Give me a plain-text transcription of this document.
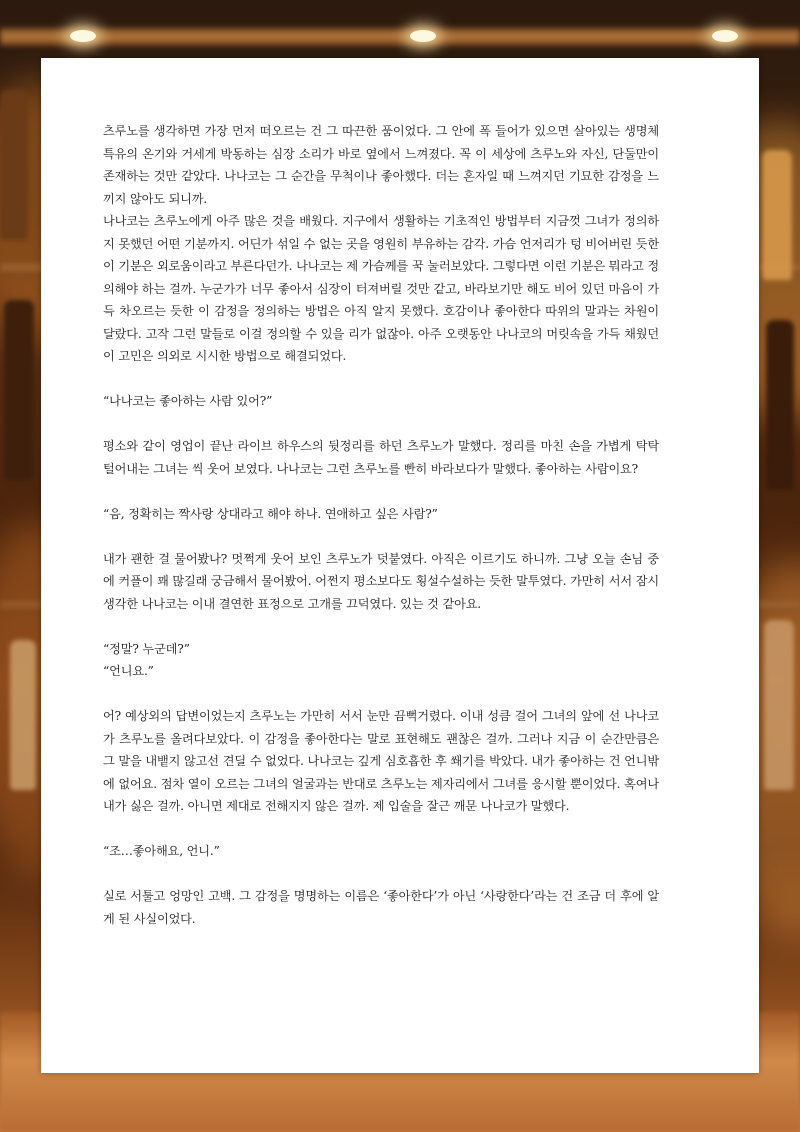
츠루노를 생각하면 가장 먼저 떠오르는 건 그 따끈한 품이었다. 그 안에 폭 들어가 있으면 살아있는 생명체 특유의 온기와 거세게 박동하는 심장 소리가 바로 옆에서 느껴졌다. 꼭 이 세상에 츠루노와 자신, 단둘만이 존재하는 것만 같았다. 나나코는 그 순간을 무척이나 좋아했다. 더는 혼자일 때 느껴지던 기묘한 감정을 느끼지 않아도 되니까.

나나코는 츠루노에게 아주 많은 것을 배웠다. 지구에서 생활하는 기초적인 방법부터 지금껏 그녀가 정의하지 못했던 어떤 기분까지. 어딘가 섞일 수 없는 곳을 영원히 부유하는 감각. 가슴 언저리가 텅 비어버린 듯한 이 기분은 외로움이라고 부른다던가. 나나코는 제 가슴께를 꾹 눌러보았다. 그렇다면 이런 기분은 뭐라고 정의해야 하는 걸까. 누군가가 너무 좋아서 심장이 터져버릴 것만 같고, 바라보기만 해도 비어 있던 마음이 가득 차오르는 듯한 이 감정을 정의하는 방법은 아직 알지 못했다. 호감이나 좋아한다 따위의 말과는 차원이 달랐다. 고작 그런 말들로 이걸 정의할 수 있을 리가 없잖아. 아주 오랫동안 나나코의 머릿속을 가득 채웠던 이 고민은 의외로 시시한 방법으로 해결되었다.

“나나코는 좋아하는 사람 있어?”

평소와 같이 영업이 끝난 라이브 하우스의 뒷정리를 하던 츠루노가 말했다. 정리를 마친 손을 가볍게 탁탁 털어내는 그녀는 씩 웃어 보였다. 나나코는 그런 츠루노를 빤히 바라보다가 말했다. 좋아하는 사람이요?

“음, 정확히는 짝사랑 상대라고 해야 하나. 연애하고 싶은 사람?”

내가 괜한 걸 물어봤나? 멋쩍게 웃어 보인 츠루노가 덧붙였다. 아직은 이르기도 하니까. 그냥 오늘 손님 중에 커플이 꽤 많길래 궁금해서 물어봤어. 어쩐지 평소보다도 횡설수설하는 듯한 말투였다. 가만히 서서 잠시 생각한 나나코는 이내 결연한 표정으로 고개를 끄덕였다. 있는 것 같아요.

“정말? 누군데?”

“언니요.”

어? 예상외의 답변이었는지 츠루노는 가만히 서서 눈만 끔뻑거렸다. 이내 성큼 걸어 그녀의 앞에 선 나나코가 츠루노를 올려다보았다. 이 감정을 좋아한다는 말로 표현해도 괜찮은 걸까. 그러나 지금 이 순간만큼은 그 말을 내뱉지 않고선 견딜 수 없었다. 나나코는 깊게 심호흡한 후 쐐기를 박았다. 내가 좋아하는 건 언니밖에 없어요. 점차 열이 오르는 그녀의 얼굴과는 반대로 츠루노는 제자리에서 그녀를 응시할 뿐이었다. 혹여나 내가 싫은 걸까. 아니면 제대로 전해지지 않은 걸까. 제 입술을 잘근 깨문 나나코가 말했다.

“조…좋아해요, 언니.”

실로 서툴고 엉망인 고백. 그 감정을 명명하는 이름은 ‘좋아한다’가 아닌 ‘사랑한다’라는 건 조금 더 후에 알게 된 사실이었다.
